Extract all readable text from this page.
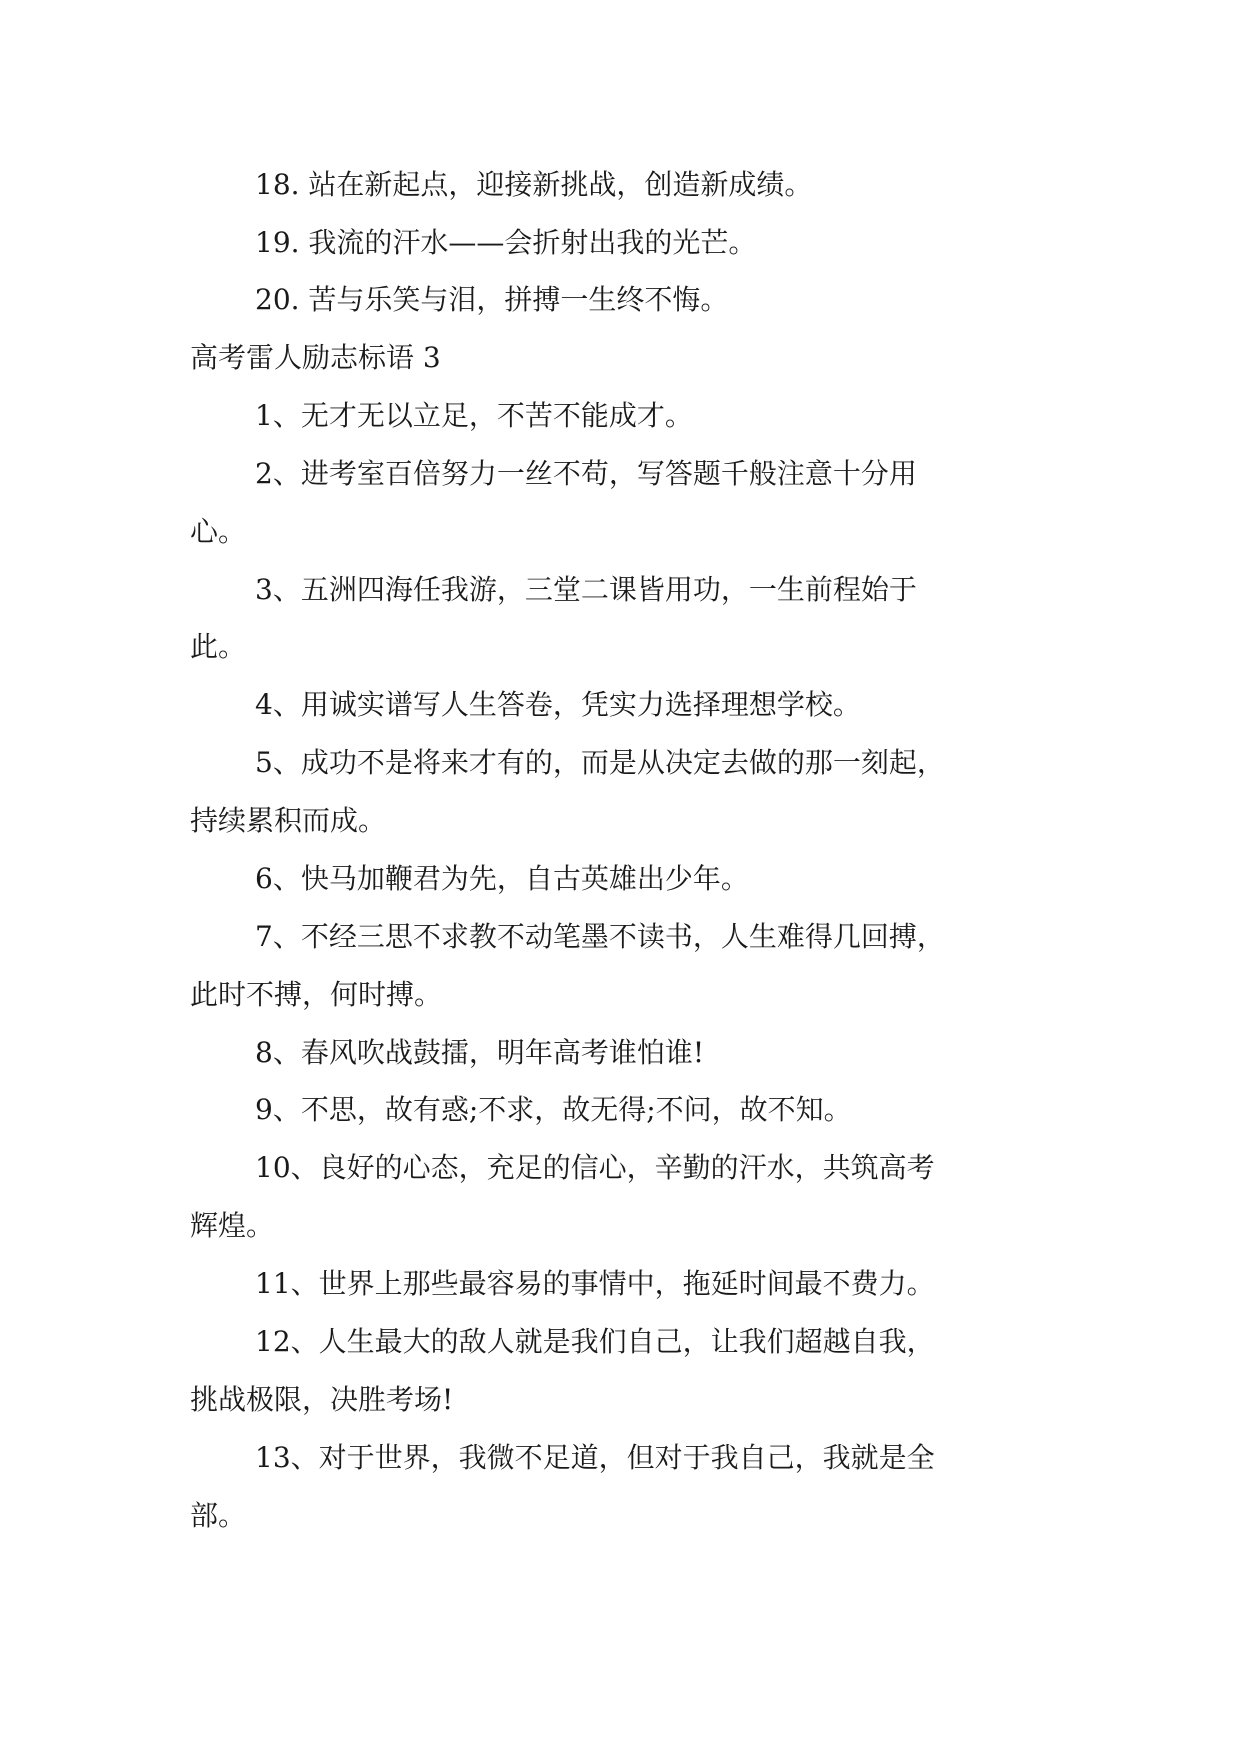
18. 站在新起点，迎接新挑战，创造新成绩。
19. 我流的汗水——会折射出我的光芒。
20. 苦与乐笑与泪，拼搏一生终不悔。
高考雷人励志标语 3
1、无才无以立足，不苦不能成才。
2、进考室百倍努力一丝不苟，写答题千般注意十分用
心。
3、五洲四海任我游，三堂二课皆用功，一生前程始于
此。
4、用诚实谱写人生答卷，凭实力选择理想学校。
5、成功不是将来才有的，而是从决定去做的那一刻起，
持续累积而成。
6、快马加鞭君为先，自古英雄出少年。
7、不经三思不求教不动笔墨不读书，人生难得几回搏，
此时不搏，何时搏。
8、春风吹战鼓擂，明年高考谁怕谁!
9、不思，故有惑;不求，故无得;不问，故不知。
10、良好的心态，充足的信心，辛勤的汗水，共筑高考
辉煌。
11、世界上那些最容易的事情中，拖延时间最不费力。
12、人生最大的敌人就是我们自己，让我们超越自我，
挑战极限，决胜考场!
13、对于世界，我微不足道，但对于我自己，我就是全
部。
